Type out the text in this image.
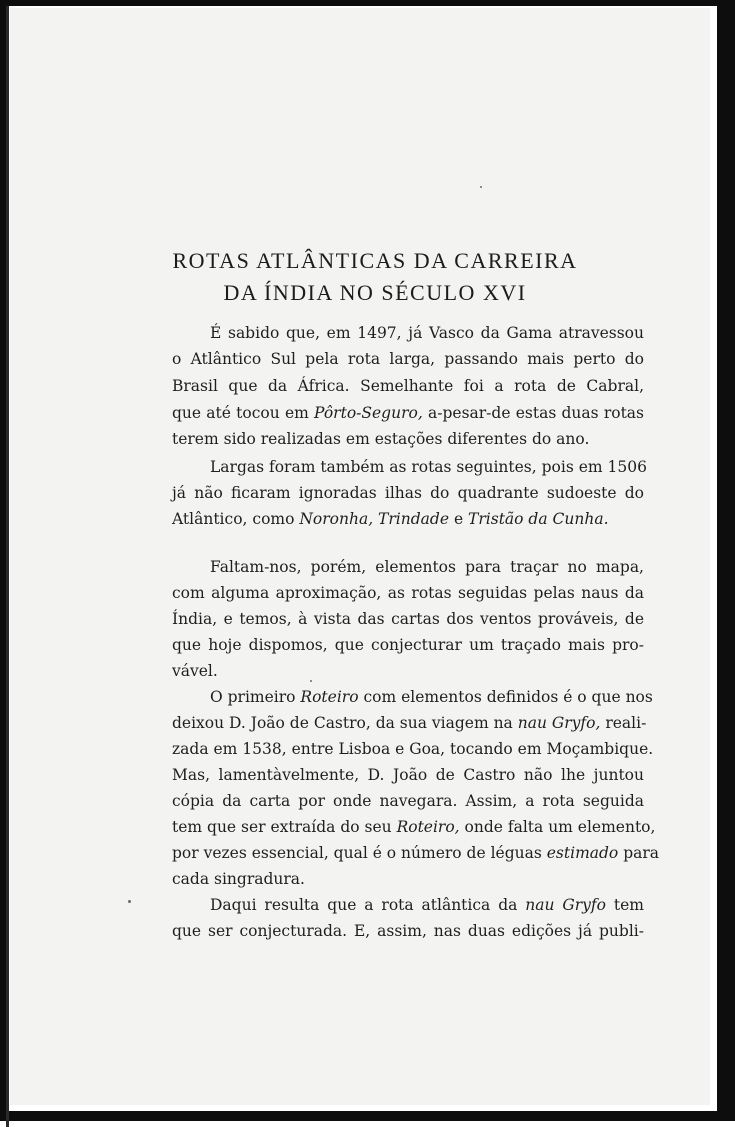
ROTAS ATLÂNTICAS DA CARREIRA
DA ÍNDIA NO SÉCULO XVI
É sabido que, em 1497, já Vasco da Gama atravessou
o Atlântico Sul pela rota larga, passando mais perto do
Brasil que da África. Semelhante foi a rota de Cabral,
que até tocou em Pôrto-Seguro, a-pesar-de estas duas rotas
terem sido realizadas em estações diferentes do ano.
Largas foram também as rotas seguintes, pois em 1506
já não ficaram ignoradas ilhas do quadrante sudoeste do
Atlântico, como Noronha, Trindade e Tristão da Cunha.
Faltam-nos, porém, elementos para traçar no mapa,
com alguma aproximação, as rotas seguidas pelas naus da
Índia, e temos, à vista das cartas dos ventos prováveis, de
que hoje dispomos, que conjecturar um traçado mais pro-
vável.
O primeiro Roteiro com elementos definidos é o que nos
deixou D. João de Castro, da sua viagem na nau Gryfo, reali-
zada em 1538, entre Lisboa e Goa, tocando em Moçambique.
Mas, lamentàvelmente, D. João de Castro não lhe juntou
cópia da carta por onde navegara. Assim, a rota seguida
tem que ser extraída do seu Roteiro, onde falta um elemento,
por vezes essencial, qual é o número de léguas estimado para
cada singradura.
Daqui resulta que a rota atlântica da nau Gryfo tem
que ser conjecturada. E, assim, nas duas edições já publi-
